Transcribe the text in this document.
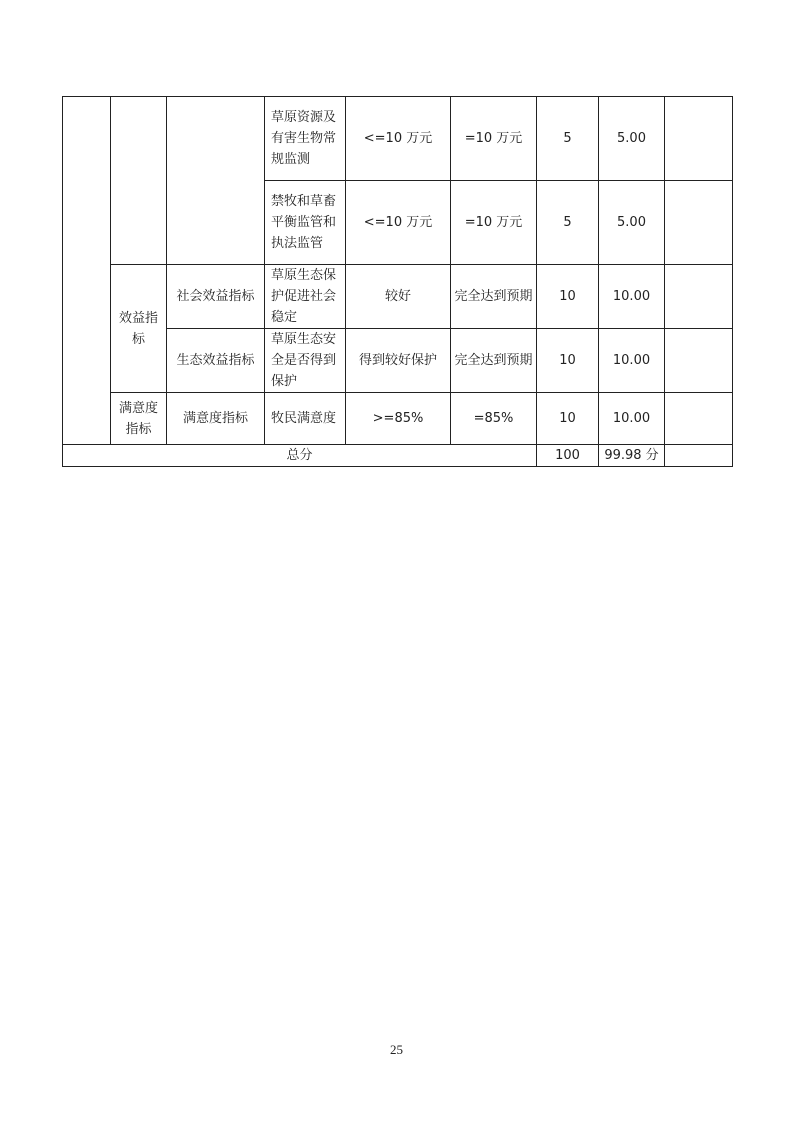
			草原资源及有害生物常规监测	<=10 万元	=10 万元	5	5.00	
			禁牧和草畜平衡监管和执法监管	<=10 万元	=10 万元	5	5.00	
	效益指标	社会效益指标	草原生态保护促进社会稳定	较好	完全达到预期	10	10.00	
		生态效益指标	草原生态安全是否得到保护	得到较好保护	完全达到预期	10	10.00	
	满意度指标	满意度指标	牧民满意度	>=85%	=85%	10	10.00	
总分						100	99.98 分	
25
